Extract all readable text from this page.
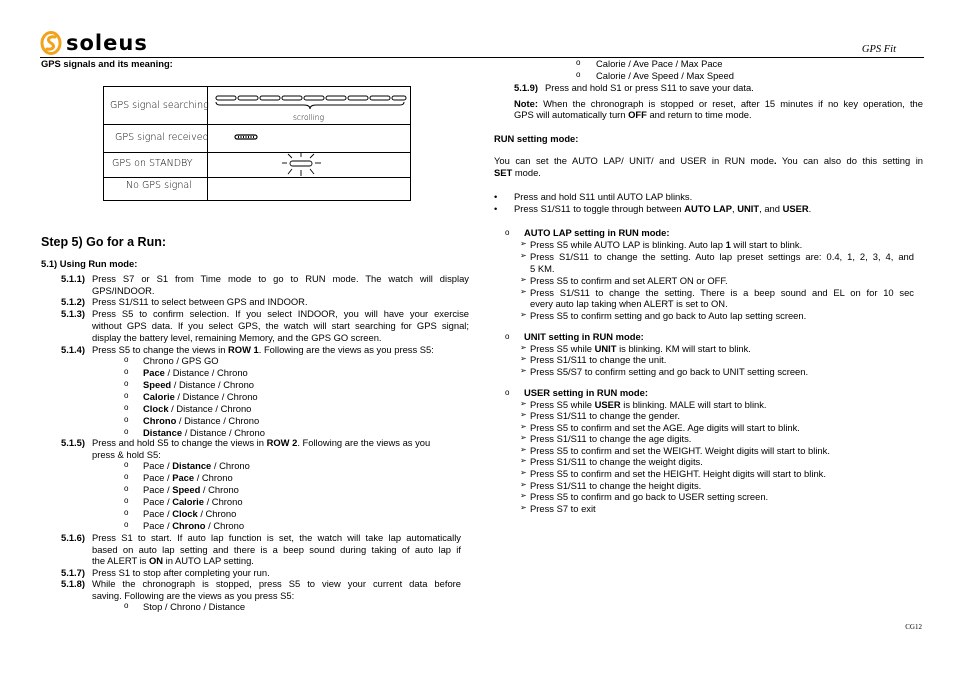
soleus	GPS Fit
GPS signals and its meaning:
GPS signal searching
scrolling
GPS signal received
GPS on STANDBY
No GPS signal
Step 5) Go for a Run:
5.1) Using Run mode:
5.1.1) Press S7 or S1 from Time mode to go to RUN mode. The watch will display
GPS/INDOOR.
5.1.2) Press S1/S11 to select between GPS and INDOOR.
5.1.3) Press S5 to confirm selection. If you select INDOOR, you will have your exercise
without GPS data. If you select GPS, the watch will start searching for GPS signal;
display the battery level, remaining Memory, and the GPS GO screen.
5.1.4) Press S5 to change the views in ROW 1. Following are the views as you press S5:
o Chrono / GPS GO
o Pace / Distance / Chrono
o Speed / Distance / Chrono
o Calorie / Distance / Chrono
o Clock / Distance / Chrono
o Chrono / Distance / Chrono
o Distance / Distance / Chrono
5.1.5) Press and hold S5 to change the views in ROW 2. Following are the views as you
press & hold S5:
o Pace / Distance / Chrono
o Pace / Pace / Chrono
o Pace / Speed / Chrono
o Pace / Calorie / Chrono
o Pace / Clock / Chrono
o Pace / Chrono / Chrono
5.1.6) Press S1 to start. If auto lap function is set, the watch will take lap automatically
based on auto lap setting and there is a beep sound during taking of auto lap if
the ALERT is ON in AUTO LAP setting.
5.1.7) Press S1 to stop after completing your run.
5.1.8) While the chronograph is stopped, press S5 to view your current data before
saving. Following are the views as you press S5:
o Stop / Chrono / Distance
o Calorie / Ave Pace / Max Pace
o Calorie / Ave Speed / Max Speed
5.1.9) Press and hold S1 or press S11 to save your data.
Note: When the chronograph is stopped or reset, after 15 minutes if no key operation, the
GPS will automatically turn OFF and return to time mode.
RUN setting mode:
You can set the AUTO LAP/ UNIT/ and USER in RUN mode. You can also do this setting in
SET mode.
• Press and hold S11 until AUTO LAP blinks.
• Press S1/S11 to toggle through between AUTO LAP, UNIT, and USER.
o AUTO LAP setting in RUN mode:
➢ Press S5 while AUTO LAP is blinking. Auto lap 1 will start to blink.
➢ Press S1/S11 to change the setting. Auto lap preset settings are: 0.4, 1, 2, 3, 4, and
5 KM.
➢ Press S5 to confirm and set ALERT ON or OFF.
➢ Press S1/S11 to change the setting. There is a beep sound and EL on for 10 sec
every auto lap taking when ALERT is set to ON.
➢ Press S5 to confirm setting and go back to Auto lap setting screen.
o UNIT setting in RUN mode:
➢ Press S5 while UNIT is blinking. KM will start to blink.
➢ Press S1/S11 to change the unit.
➢ Press S5/S7 to confirm setting and go back to UNIT setting screen.
o USER setting in RUN mode:
➢ Press S5 while USER is blinking. MALE will start to blink.
➢ Press S1/S11 to change the gender.
➢ Press S5 to confirm and set the AGE. Age digits will start to blink.
➢ Press S1/S11 to change the age digits.
➢ Press S5 to confirm and set the WEIGHT. Weight digits will start to blink.
➢ Press S1/S11 to change the weight digits.
➢ Press S5 to confirm and set the HEIGHT. Height digits will start to blink.
➢ Press S1/S11 to change the height digits.
➢ Press S5 to confirm and go back to USER setting screen.
➢ Press S7 to exit
CG12
